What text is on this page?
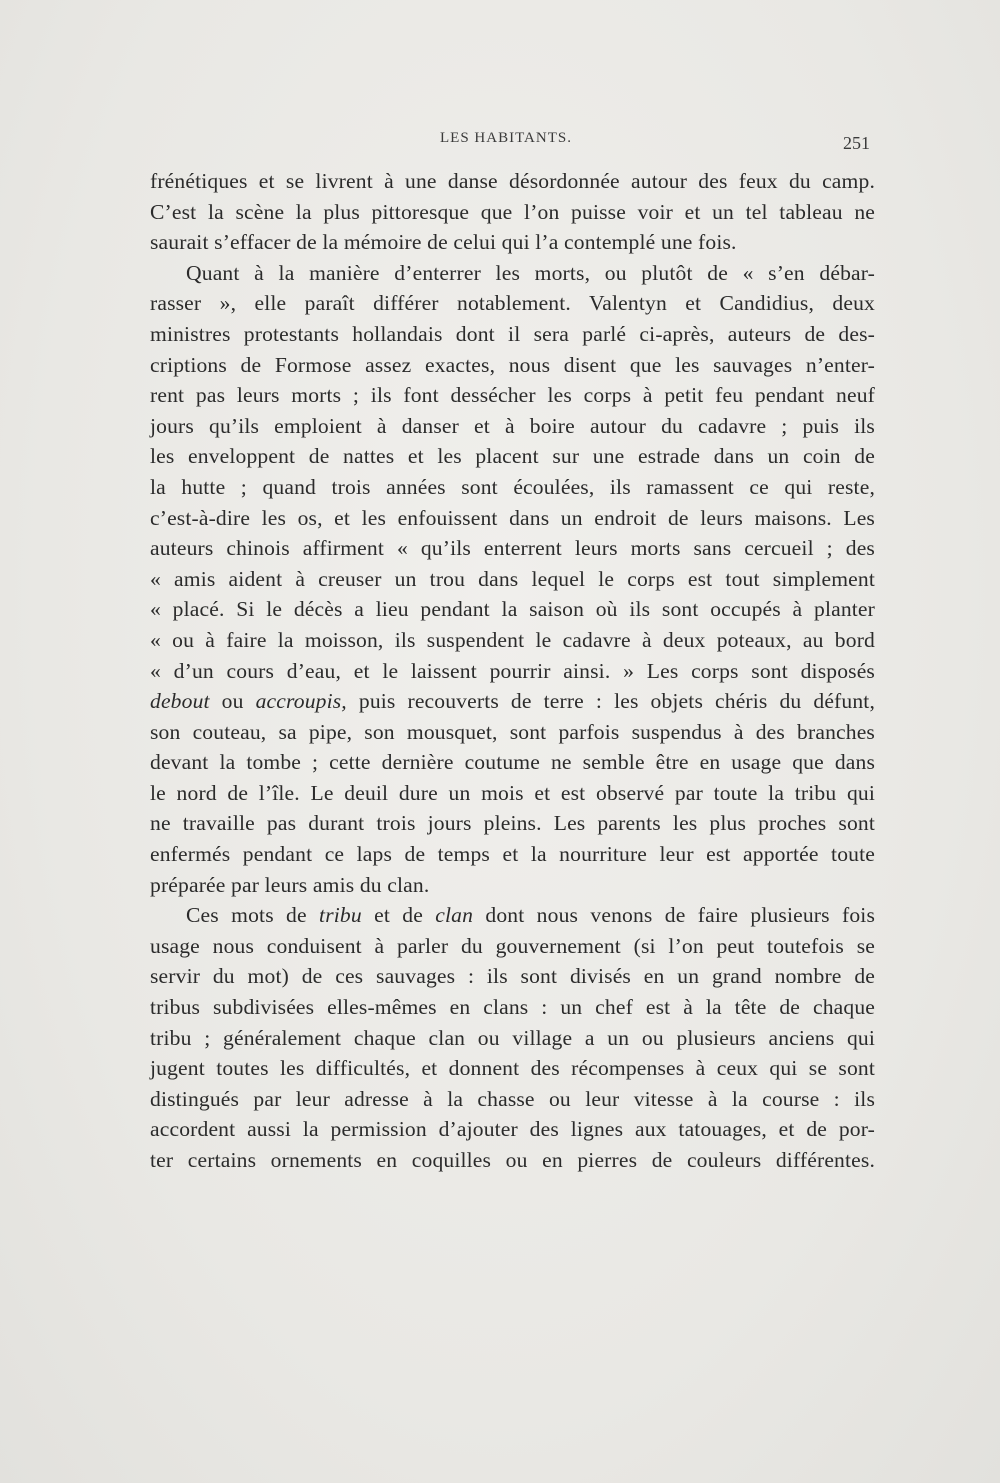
LES HABITANTS.	251

frénétiques et se livrent à une danse désordonnée autour des feux du camp.
C’est la scène la plus pittoresque que l’on puisse voir et un tel tableau ne
saurait s’effacer de la mémoire de celui qui l’a contemplé une fois.

Quant à la manière d’enterrer les morts, ou plutôt de « s’en débar-
rasser », elle paraît différer notablement. Valentyn et Candidius, deux
ministres protestants hollandais dont il sera parlé ci-après, auteurs de des-
criptions de Formose assez exactes, nous disent que les sauvages n’enter-
rent pas leurs morts ; ils font dessécher les corps à petit feu pendant neuf
jours qu’ils emploient à danser et à boire autour du cadavre ; puis ils
les enveloppent de nattes et les placent sur une estrade dans un coin de
la hutte ; quand trois années sont écoulées, ils ramassent ce qui reste,
c’est-à-dire les os, et les enfouissent dans un endroit de leurs maisons. Les
auteurs chinois affirment « qu’ils enterrent leurs morts sans cercueil ; des
« amis aident à creuser un trou dans lequel le corps est tout simplement
« placé. Si le décès a lieu pendant la saison où ils sont occupés à planter
« ou à faire la moisson, ils suspendent le cadavre à deux poteaux, au bord
« d’un cours d’eau, et le laissent pourrir ainsi. » Les corps sont disposés
debout ou accroupis, puis recouverts de terre : les objets chéris du défunt,
son couteau, sa pipe, son mousquet, sont parfois suspendus à des branches
devant la tombe ; cette dernière coutume ne semble être en usage que dans
le nord de l’île. Le deuil dure un mois et est observé par toute la tribu qui
ne travaille pas durant trois jours pleins. Les parents les plus proches sont
enfermés pendant ce laps de temps et la nourriture leur est apportée toute
préparée par leurs amis du clan.

Ces mots de tribu et de clan dont nous venons de faire plusieurs fois
usage nous conduisent à parler du gouvernement (si l’on peut toutefois se
servir du mot) de ces sauvages : ils sont divisés en un grand nombre de
tribus subdivisées elles-mêmes en clans : un chef est à la tête de chaque
tribu ; généralement chaque clan ou village a un ou plusieurs anciens qui
jugent toutes les difficultés, et donnent des récompenses à ceux qui se sont
distingués par leur adresse à la chasse ou leur vitesse à la course : ils
accordent aussi la permission d’ajouter des lignes aux tatouages, et de por-
ter certains ornements en coquilles ou en pierres de couleurs différentes.
